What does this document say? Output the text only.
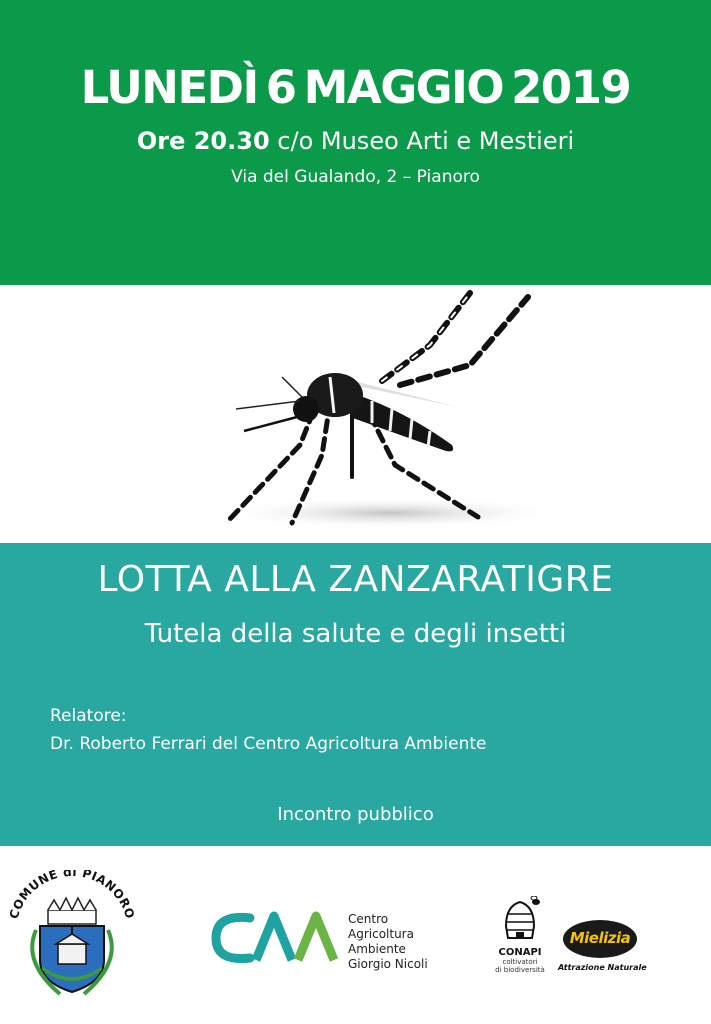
LUNEDÌ 6 MAGGIO 2019
Ore 20.30 c/o Museo Arti e Mestieri
Via del Gualando, 2 – Pianoro
LOTTA ALLA ZANZARATIGRE
Tutela della salute e degli insetti
Relatore:
Dr. Roberto Ferrari del Centro Agricoltura Ambiente
Incontro pubblico
COMUNE di PIANORO	Centro
Agricoltura
Ambiente
Giorgio Nicoli
CONAPI
coltivatori
di biodiversità
Mielizia
Attrazione Naturale
